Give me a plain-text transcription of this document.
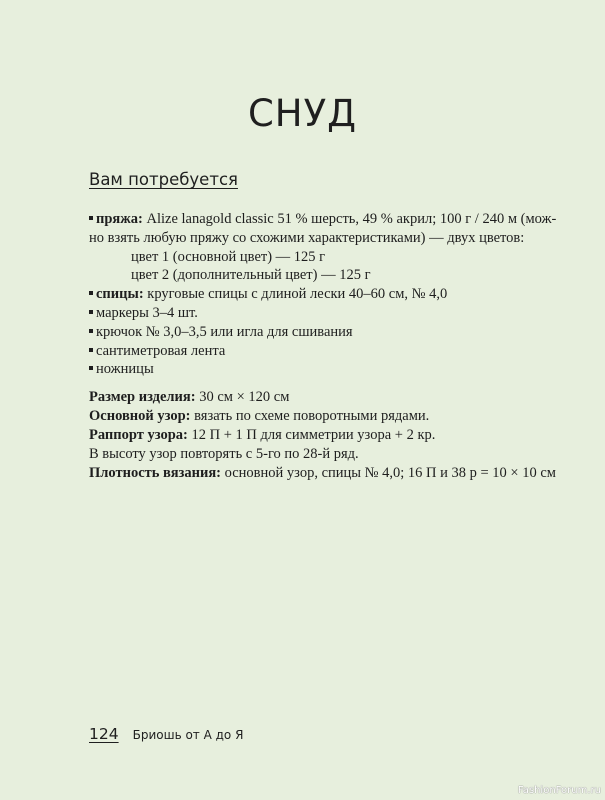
СНУД
Вам потребуется

пряжа: Alize lanagold classic 51 % шерсть, 49 % акрил; 100 г / 240 м (мож-

но взять любую пряжу со схожими характеристиками) — двух цветов:

цвет 1 (основной цвет) — 125 г

цвет 2 (дополнительный цвет) — 125 г

спицы: круговые спицы с длиной лески 40–60 см, № 4,0

маркеры 3–4 шт.

крючок № 3,0–3,5 или игла для сшивания

сантиметровая лента

ножницы

Размер изделия: 30 см × 120 см

Основной узор: вязать по схеме поворотными рядами.

Раппорт узора: 12 П + 1 П для симметрии узора + 2 кр.

В высоту узор повторять с 5-го по 28-й ряд.

Плотность вязания: основной узор, спицы № 4,0; 16 П и 38 р = 10 × 10 см

124 Бриошь от А до Я
FashionForum.ru
